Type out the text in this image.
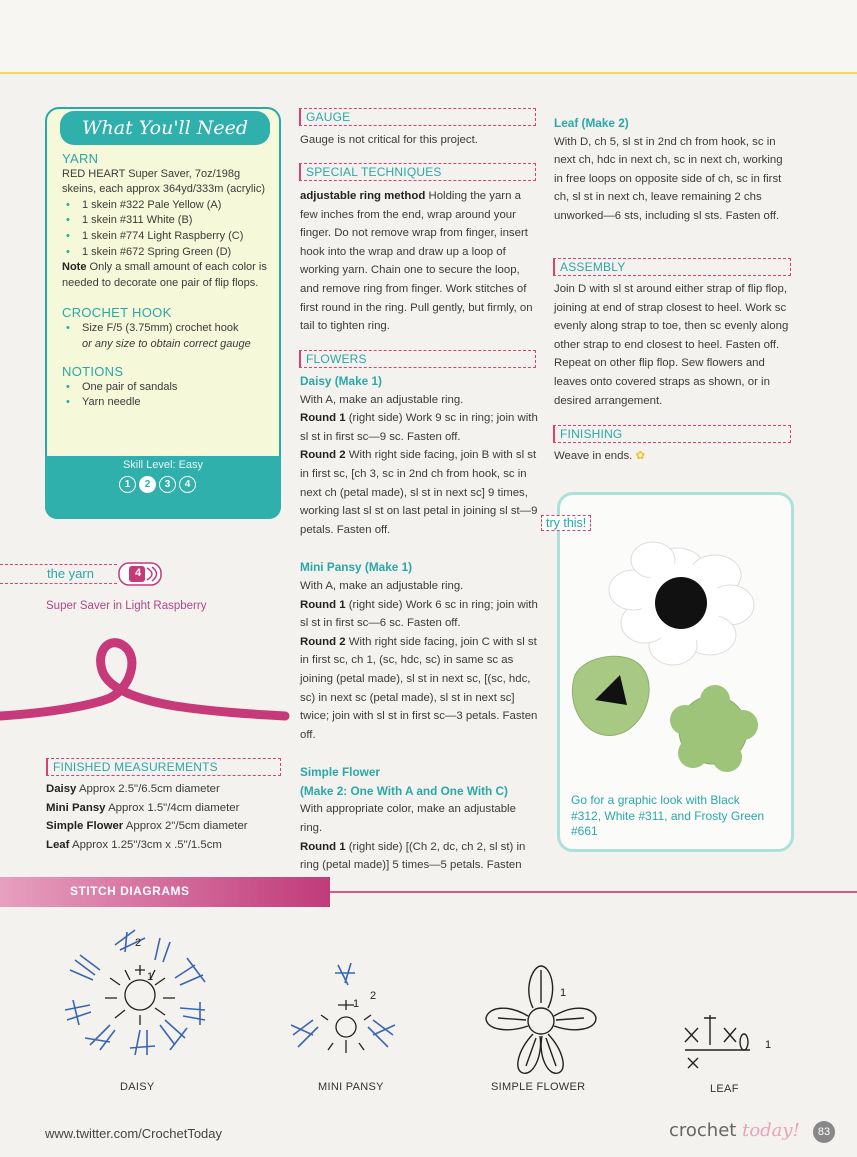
What You'll Need
YARN
RED HEART Super Saver, 7oz/198g skeins, each approx 364yd/333m (acrylic)
• 1 skein #322 Pale Yellow (A)
• 1 skein #311 White (B)
• 1 skein #774 Light Raspberry (C)
• 1 skein #672 Spring Green (D)
Note Only a small amount of each color is needed to decorate one pair of flip flops.
CROCHET HOOK
• Size F/5 (3.75mm) crochet hook
or any size to obtain correct gauge
NOTIONS
• One pair of sandals
• Yarn needle
Skill Level: Easy
1	2	3	4
the yarn	4
Super Saver in Light Raspberry
FINISHED MEASUREMENTS
Daisy Approx 2.5"/6.5cm diameter
Mini Pansy Approx 1.5"/4cm diameter
Simple Flower Approx 2"/5cm diameter
Leaf Approx 1.25"/3cm x .5"/1.5cm
GAUGE
Gauge is not critical for this project.
SPECIAL TECHNIQUES
adjustable ring method Holding the yarn a few inches from the end, wrap around your finger. Do not remove wrap from finger, insert hook into the wrap and draw up a loop of working yarn. Chain one to secure the loop, and remove ring from finger. Work stitches of first round in the ring. Pull gently, but firmly, on tail to tighten ring.
FLOWERS
Daisy (Make 1)
With A, make an adjustable ring.
Round 1 (right side) Work 9 sc in ring; join with sl st in first sc—9 sc. Fasten off.
Round 2 With right side facing, join B with sl st in first sc, [ch 3, sc in 2nd ch from hook, sc in next ch (petal made), sl st in next sc] 9 times, working last sl st on last petal in joining sl st—9 petals. Fasten off.
Mini Pansy (Make 1)
With A, make an adjustable ring.
Round 1 (right side) Work 6 sc in ring; join with sl st in first sc—6 sc. Fasten off.
Round 2 With right side facing, join C with sl st in first sc, ch 1, (sc, hdc, sc) in same sc as joining (petal made), sl st in next sc, [(sc, hdc, sc) in next sc (petal made), sl st in next sc] twice; join with sl st in first sc—3 petals. Fasten off.
Simple Flower
(Make 2: One With A and One With C)
With appropriate color, make an adjustable ring.
Round 1 (right side) [(Ch 2, dc, ch 2, sl st) in ring (petal made)] 5 times—5 petals. Fasten
Leaf (Make 2)
With D, ch 5, sl st in 2nd ch from hook, sc in next ch, hdc in next ch, sc in next ch, working in free loops on opposite side of ch, sc in first ch, sl st in next ch, leave remaining 2 chs unworked—6 sts, including sl sts. Fasten off.
ASSEMBLY
Join D with sl st around either strap of flip flop, joining at end of strap closest to heel. Work sc evenly along strap to toe, then sc evenly along other strap to end closest to heel. Fasten off. Repeat on other flip flop. Sew flowers and leaves onto covered straps as shown, or in desired arrangement.
FINISHING
Weave in ends. ✿
try this!
Go for a graphic look with Black #312, White #311, and Frosty Green #661
STITCH DIAGRAMS
2
1
DAISY
2
1
MINI PANSY
1
SIMPLE FLOWER
1
LEAF
www.twitter.com/CrochetToday	crochet today!	83
